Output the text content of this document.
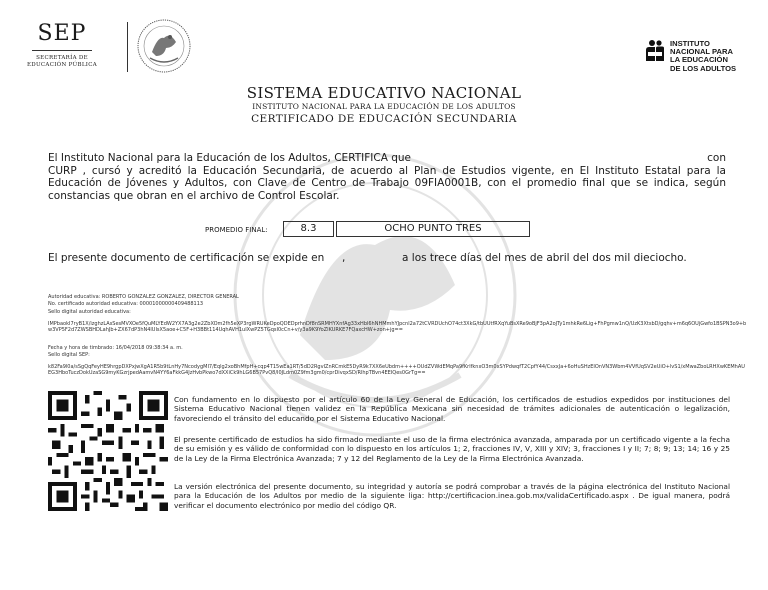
SEP
SECRETARÍA DE
EDUCACIÓN PÚBLICA
INSTITUTO
NACIONAL PARA
LA EDUCACIÓN
DE LOS ADULTOS
SISTEMA EDUCATIVO NACIONAL
INSTITUTO NACIONAL PARA LA EDUCACIÓN DE LOS ADULTOS
CERTIFICADO DE EDUCACIÓN SECUNDARIA
con
El Instituto Nacional para la Educación de los Adultos, CERTIFICA que
CURP , cursó y acreditó la Educación Secundaria, de acuerdo al Plan de Estudios vigente, en El Instituto Estatal para la Educación de Jóvenes y Adultos, con Clave de Centro de Trabajo 09FIA0001B, con el promedio final que se indica, según constancias que obran en el archivo de Control Escolar.
PROMEDIO FINAL:	8.3	OCHO PUNTO TRES
El presente documento de certificación se expide en ,	a los trece días del mes de abril del dos mil dieciocho.
Autoridad educativa: ROBERTO GONZALEZ GONZALEZ, DIRECTOR GENERAL
No. certificado autoridad educativa: 00001000000409488113
Sello digital autoridad educativa:
IMPbaokI7ryB1X/izghzLAsSesMVXOe5fQuMLYEdW2YX7A3g2e2ZbXOm2fh5eXP3rgWRUKeDpoQDEDprhnDf8nSRMHYXnfAg33xHbl6hNHMmhYJpcnl2a72tCVRDUchO74ct3XkG/tbUUtfRXqYuBsXRe9oBjF3pA2oJTy1mhkRe6Lig+FhPgmw1nQ/UzK3XtsbD/gqhv+m6q6OUjGwfo1BSPN3o9+bw3VP5F2d7ZWSBHDLahJb+ZX67dP3hN4lUIsX5aoe+C5F+H3BBt114UqhAVH1uIXwPZ5TGqsI0cCn+v/y3a9K9YoZIKURKE7FQaxcHW+zon+jg==
Fecha y hora de timbrado: 16/04/2018 09:38:34 a. m.
Sello digital SEP:
k82Fa9l0a/sSgQqFeyHE9hrgpDXPxjwXgA1R5b9tLnHy7NcodygMI7/Eqlg2xoBhMfpH+cqp4T15wEa1RT/5dD2RgvIZnRCmkE5DyR9k7XX6eUbdm++++OUdZVWdEMqPa9fKrlfknxO3m0xSYPdwqfT2CpfY44/CsxxJa+6oHuSHzEIOnVN3Wbm4VVfUqSV2eUiO+lvS1/xMwaZboLRHXwKEMhAUEG3HboTuczDokUzaSG9myKGzrjpedAamvN4YY6aFkkG4JzHvbPkwo7dXXiCk9hLG6B57PvQ8/I0JLdm0Z9fm3gm0/cprDivqxSD/RlhpTBvn4EEIQes0GrTg==
Con fundamento en lo dispuesto por el artículo 60 de la Ley General de Educación, los certificados de estudios expedidos por instituciones del Sistema Educativo Nacional tienen validez en la República Mexicana sin necesidad de trámites adicionales de autenticación o legalización, favoreciendo el tránsito del educando por el Sistema Educativo Nacional.
El presente certificado de estudios ha sido firmado mediante el uso de la firma electrónica avanzada, amparada por un certificado vigente a la fecha de su emisión y es válido de conformidad con lo dispuesto en los artículos 1; 2, fracciones IV, V, XIII y XIV; 3, fracciones I y II; 7; 8; 9; 13; 14; 16 y 25 de la Ley de la Firma Electrónica Avanzada; 7 y 12 del Reglamento de la Ley de la Firma Electrónica Avanzada.
La versión electrónica del presente documento, su integridad y autoría se podrá comprobar a través de la página electrónica del Instituto Nacional para la Educación de los Adultos por medio de la siguiente liga: http://certificacion.inea.gob.mx/validaCertificado.aspx . De igual manera, podrá verificar el documento electrónico por medio del código QR.
